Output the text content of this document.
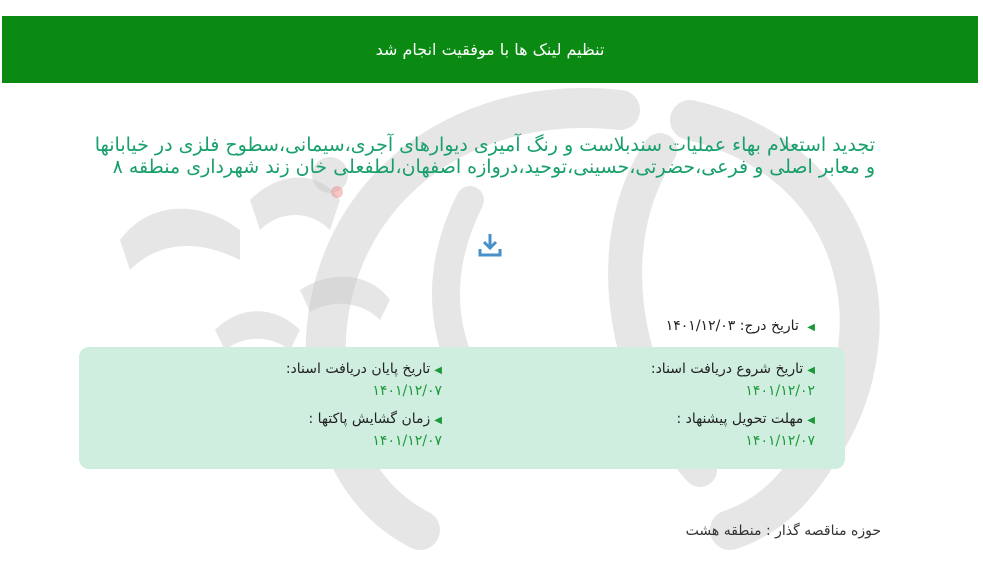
تنظیم لینک ها با موفقیت انجام شد
تجدید استعلام بهاء عملیات سندبلاست و رنگ آمیزی دیوارهای آجری،سیمانی،سطوح فلزی در خیابانها و معابر اصلی و فرعی،حضرتی،حسینی،توحید،دروازه اصفهان،لطفعلی خان زند شهرداری منطقه ۸
◀ تاریخ درج: ۱۴۰۱/۱۲/۰۳
◀تاریخ شروع دریافت اسناد:
۱۴۰۱/۱۲/۰۲
◀تاریخ پایان دریافت اسناد:
۱۴۰۱/۱۲/۰۷
◀مهلت تحویل پیشنهاد :
۱۴۰۱/۱۲/۰۷
◀زمان گشایش پاکتها :
۱۴۰۱/۱۲/۰۷
حوزه مناقصه گذار : منطقه هشت
